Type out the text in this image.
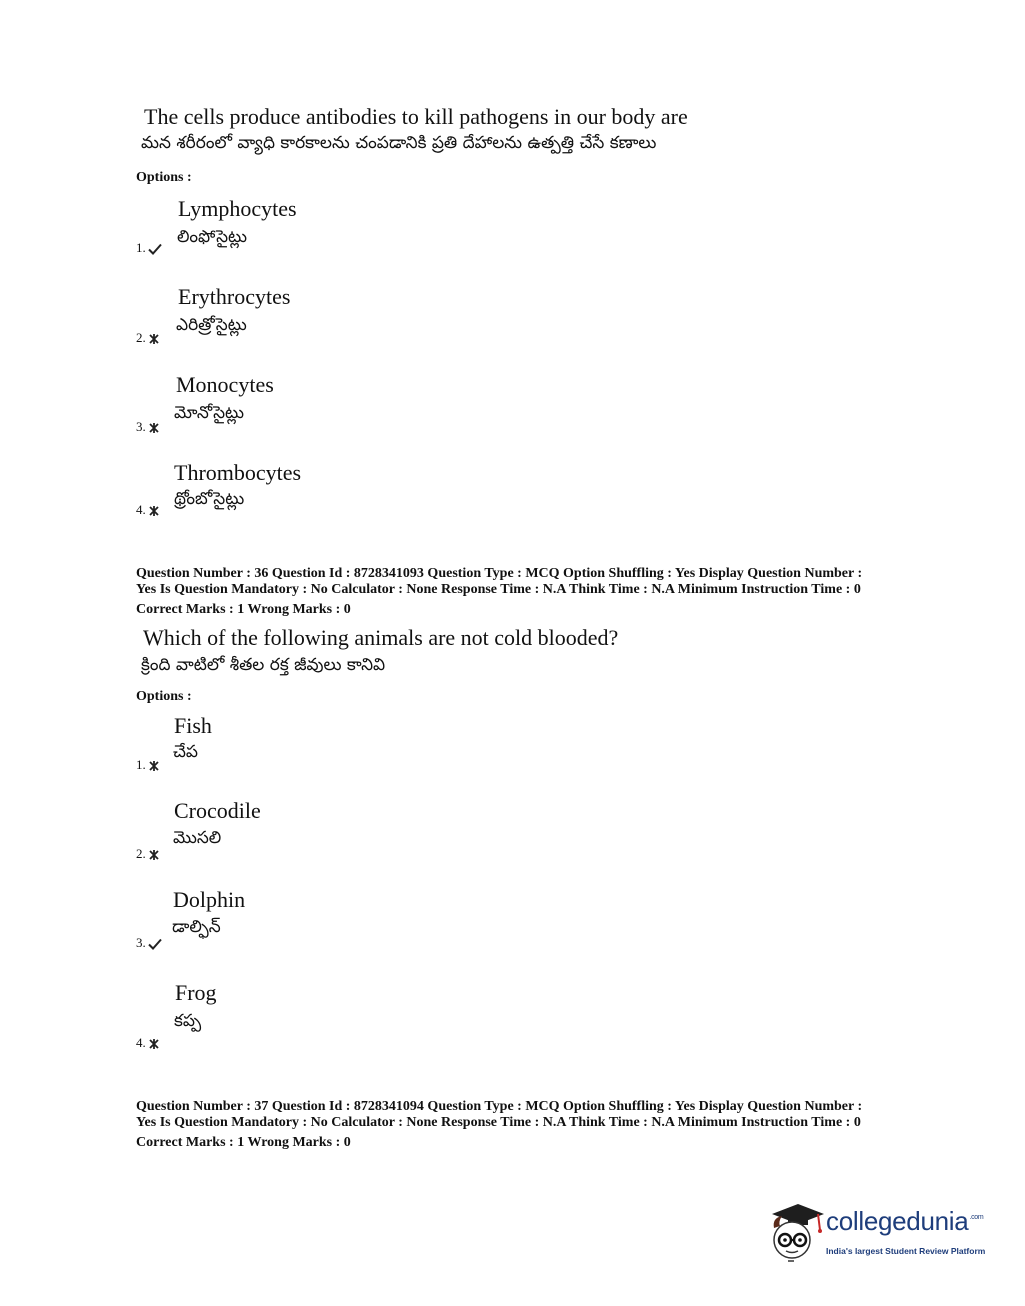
The cells produce antibodies to kill pathogens in our body are
మన శరీరంలో వ్యాధి కారకాలను చంపడానికి ప్రతి దేహాలను ఉత్పత్తి చేసే కణాలు
Options :
Lymphocytes
లింఫోసైట్లు
1.
Erythrocytes
ఎరిత్రోసైట్లు
2.
Monocytes
మోనోసైట్లు
3.
Thrombocytes
థ్రోంబోసైట్లు
4.
Question Number : 36 Question Id : 8728341093 Question Type : MCQ Option Shuffling : Yes Display Question Number :
Yes Is Question Mandatory : No Calculator : None Response Time : N.A Think Time : N.A Minimum Instruction Time : 0
Correct Marks : 1 Wrong Marks : 0
Which of the following animals are not cold blooded?
క్రింది వాటిలో శీతల రక్త జీవులు కానివి
Options :
Fish
చేప
1.
Crocodile
మొసలి
2.
Dolphin
డాల్ఫిన్
3.
Frog
కప్ప
4.
Question Number : 37 Question Id : 8728341094 Question Type : MCQ Option Shuffling : Yes Display Question Number :
Yes Is Question Mandatory : No Calculator : None Response Time : N.A Think Time : N.A Minimum Instruction Time : 0
Correct Marks : 1 Wrong Marks : 0
collegedunia$^{.com}$
India's largest Student Review Platform
